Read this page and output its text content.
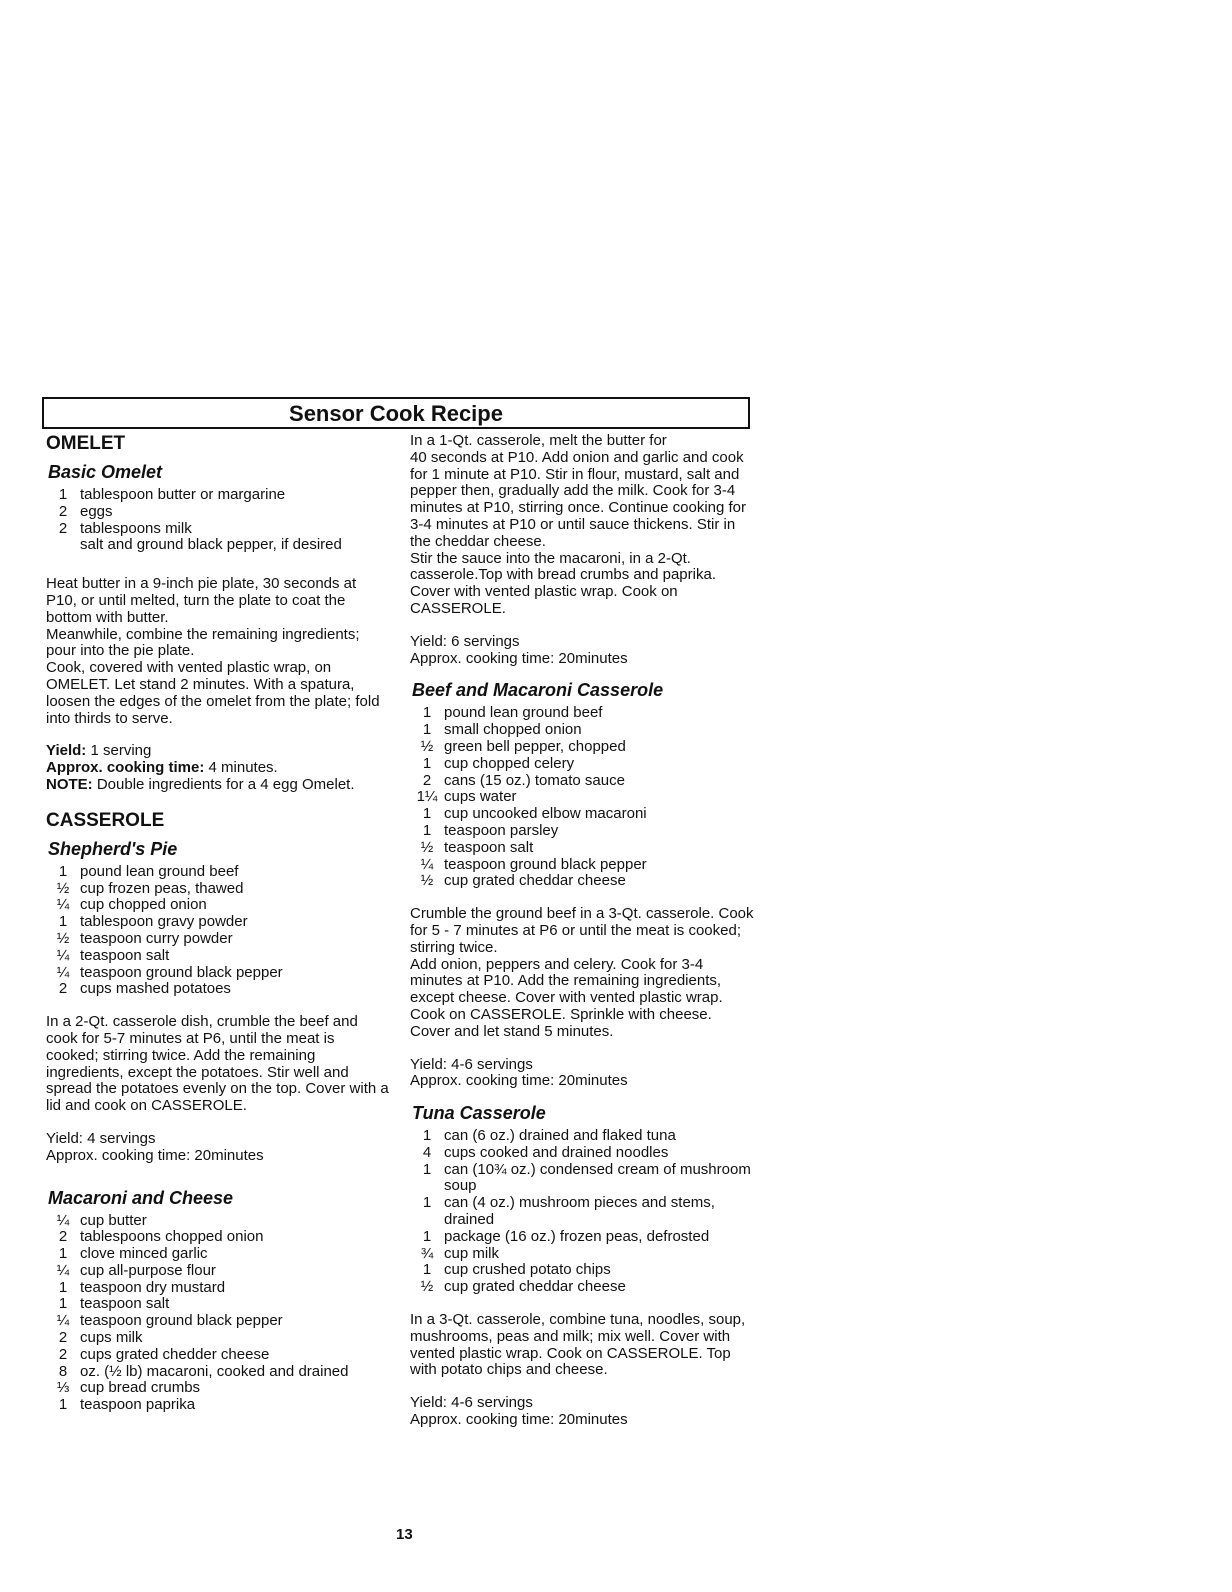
Sensor Cook Recipe
OMELET
Basic Omelet
1 tablespoon butter or margarine
2 eggs
2 tablespoons milk
salt and ground black pepper, if desired

Heat butter in a 9-inch pie plate, 30 seconds at P10, or until melted, turn the plate to coat the bottom with butter.
Meanwhile, combine the remaining ingredients; pour into the pie plate.
Cook, covered with vented plastic wrap, on OMELET. Let stand 2 minutes. With a spatura, loosen the edges of the omelet from the plate; fold into thirds to serve.

Yield: 1 serving
Approx. cooking time: 4 minutes.
NOTE: Double ingredients for a 4 egg Omelet.
CASSEROLE
Shepherd's Pie
1 pound lean ground beef
½ cup frozen peas, thawed
¼ cup chopped onion
1 tablespoon gravy powder
½ teaspoon curry powder
¼ teaspoon salt
¼ teaspoon ground black pepper
2 cups mashed potatoes

In a 2-Qt. casserole dish, crumble the beef and cook for 5-7 minutes at P6, until the meat is cooked; stirring twice. Add the remaining ingredients, except the potatoes. Stir well and spread the potatoes evenly on the top. Cover with a lid and cook on CASSEROLE.

Yield: 4 servings
Approx. cooking time: 20minutes
Macaroni and Cheese
¼ cup butter
2 tablespoons chopped onion
1 clove minced garlic
¼ cup all-purpose flour
1 teaspoon dry mustard
1 teaspoon salt
¼ teaspoon ground black pepper
2 cups milk
2 cups grated chedder cheese
8 oz. (½ lb) macaroni, cooked and drained
⅓ cup bread crumbs
1 teaspoon paprika

In a 1-Qt. casserole, melt the butter for
40 seconds at P10. Add onion and garlic and cook for 1 minute at P10. Stir in flour, mustard, salt and pepper then, gradually add the milk. Cook for 3-4 minutes at P10, stirring once. Continue cooking for
3-4 minutes at P10 or until sauce thickens. Stir in the cheddar cheese.
Stir the sauce into the macaroni, in a 2-Qt. casserole.Top with bread crumbs and paprika. Cover with vented plastic wrap. Cook on CASSEROLE.

Yield: 6 servings
Approx. cooking time: 20minutes
Beef and Macaroni Casserole
1 pound lean ground beef
1 small chopped onion
½ green bell pepper, chopped
1 cup chopped celery
2 cans (15 oz.) tomato sauce
1¼ cups water
1 cup uncooked elbow macaroni
1 teaspoon parsley
½ teaspoon salt
¼ teaspoon ground black pepper
½ cup grated cheddar cheese

Crumble the ground beef in a 3-Qt. casserole. Cook for 5 - 7 minutes at P6 or until the meat is cooked; stirring twice.
Add onion, peppers and celery. Cook for 3-4 minutes at P10. Add the remaining ingredients, except cheese. Cover with vented plastic wrap. Cook on CASSEROLE. Sprinkle with cheese. Cover and let stand 5 minutes.

Yield: 4-6 servings
Approx. cooking time: 20minutes
Tuna Casserole
1 can (6 oz.) drained and flaked tuna
4 cups cooked and drained noodles
1 can (10¾ oz.) condensed cream of mushroom soup
1 can (4 oz.) mushroom pieces and stems, drained
1 package (16 oz.) frozen peas, defrosted
¾ cup milk
1 cup crushed potato chips
½ cup grated cheddar cheese

In a 3-Qt. casserole, combine tuna, noodles, soup, mushrooms, peas and milk; mix well. Cover with vented plastic wrap. Cook on CASSEROLE. Top with potato chips and cheese.

Yield: 4-6 servings
Approx. cooking time: 20minutes
13
